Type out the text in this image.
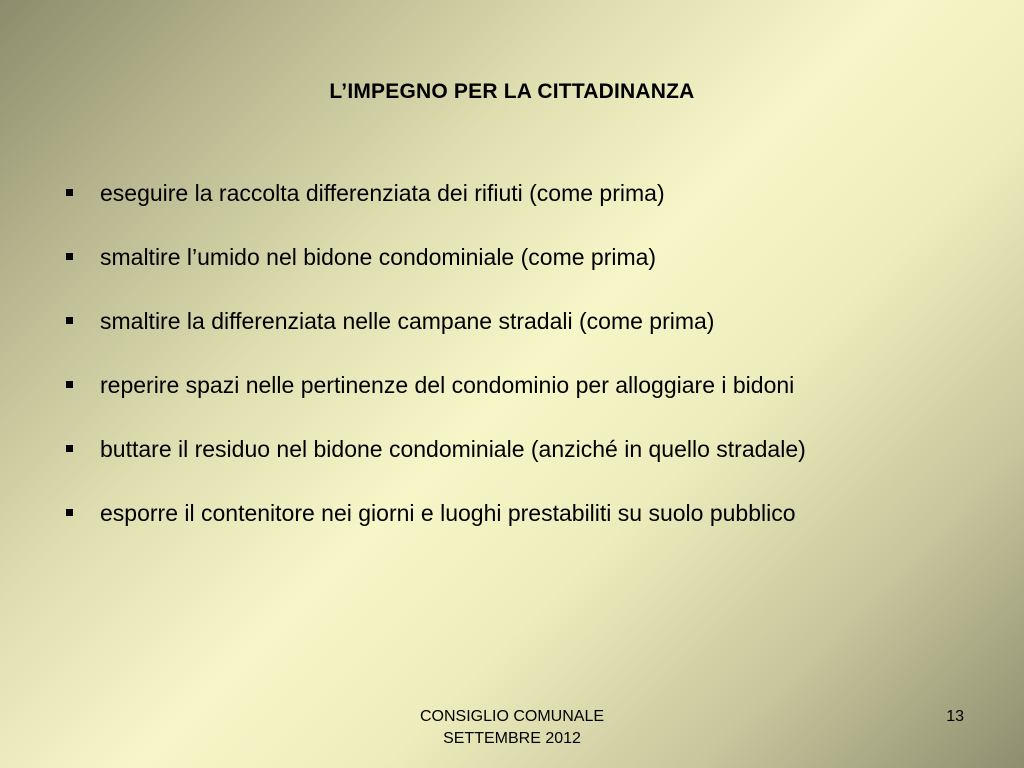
L’IMPEGNO PER LA CITTADINANZA
eseguire la raccolta differenziata dei rifiuti (come prima)
smaltire l’umido nel bidone condominiale (come prima)
smaltire la differenziata nelle campane stradali (come prima)
reperire spazi nelle pertinenze del condominio per alloggiare i bidoni
buttare il residuo nel bidone condominiale (anziché in quello stradale)
esporre il contenitore nei giorni e luoghi prestabiliti su suolo pubblico
CONSIGLIO COMUNALE
SETTEMBRE 2012
13
